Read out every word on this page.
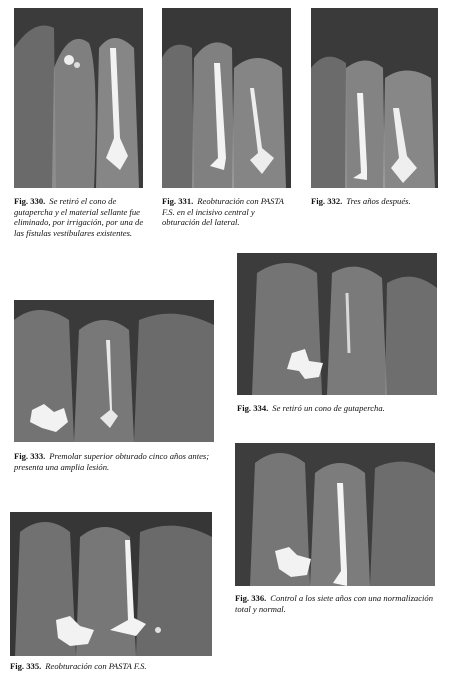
Fig. 330. Se retiró el cono de gutapercha y el material sellante fue eliminado, por irrigación, por una de las fístulas vestibulares existentes.
Fig. 331. Reobturación con PASTA F.S. en el incisivo central y obturación del lateral.
Fig. 332. Tres años después.
Fig. 334. Se retiró un cono de gutapercha.
Fig. 333. Premolar superior obturado cinco años antes; presenta una amplia lesión.
Fig. 336. Control a los siete años con una normalización total y normal.
Fig. 335. Reobturación con PASTA F.S.
